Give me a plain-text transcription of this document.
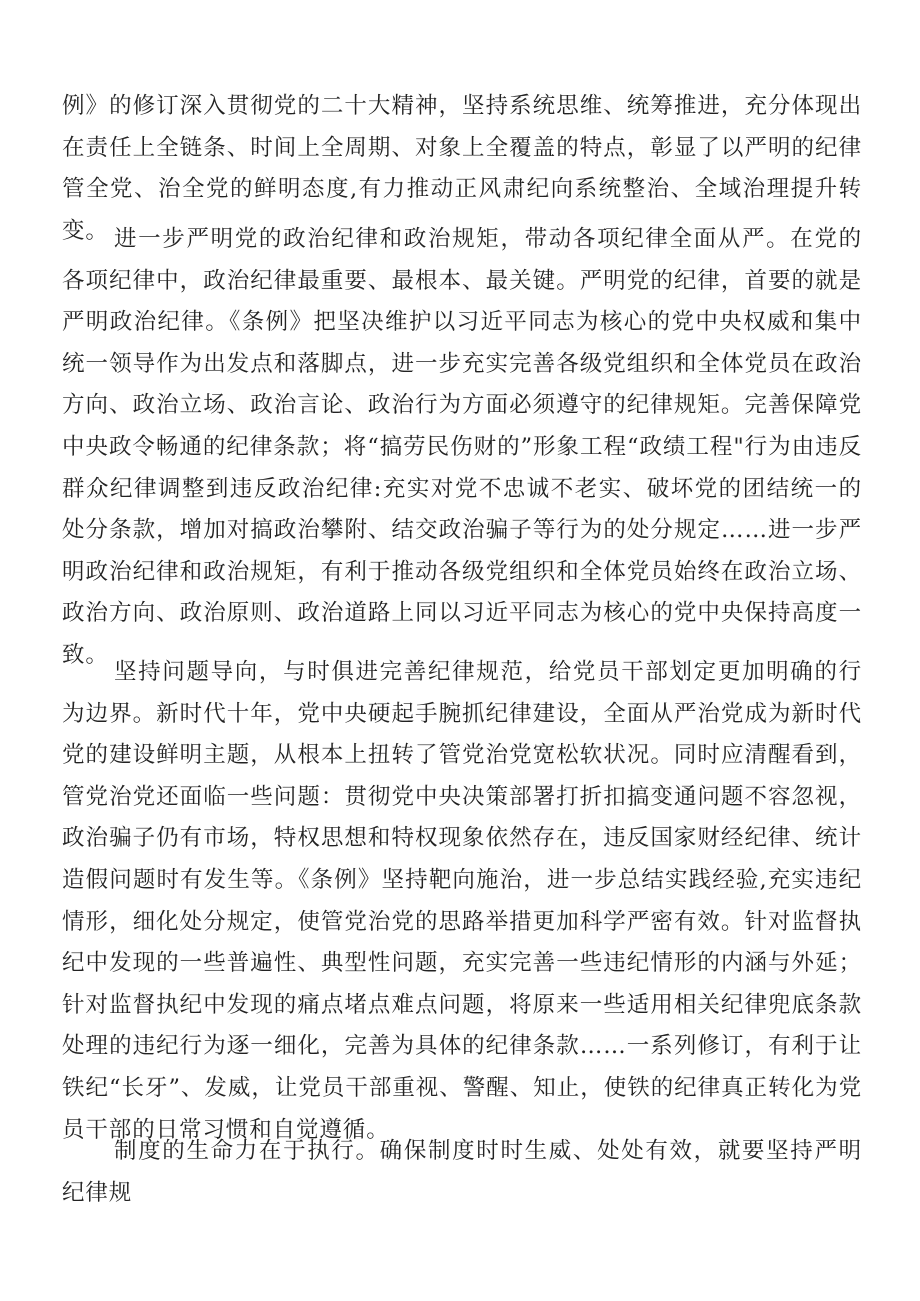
例》的修订深入贯彻党的二十大精神，坚持系统思维、统筹推进，充分体现出在责任上全链条、时间上全周期、对象上全覆盖的特点，彰显了以严明的纪律管全党、治全党的鲜明态度,有力推动正风肃纪向系统整治、全域治理提升转变。 进一步严明党的政治纪律和政治规矩，带动各项纪律全面从严。在党的各项纪律中，政治纪律最重要、最根本、最关键。严明党的纪律，首要的就是严明政治纪律。《条例》把坚决维护以习近平同志为核心的党中央权威和集中统一领导作为出发点和落脚点，进一步充实完善各级党组织和全体党员在政治方向、政治立场、政治言论、政治行为方面必须遵守的纪律规矩。完善保障党中央政令畅通的纪律条款；将“搞劳民伤财的”形象工程“政绩工程"行为由违反群众纪律调整到违反政治纪律:充实对党不忠诚不老实、破坏党的团结统一的处分条款，增加对搞政治攀附、结交政治骗子等行为的处分规定……进一步严明政治纪律和政治规矩，有利于推动各级党组织和全体党员始终在政治立场、政治方向、政治原则、政治道路上同以习近平同志为核心的党中央保持高度一致。

坚持问题导向，与时俱进完善纪律规范，给党员干部划定更加明确的行为边界。新时代十年，党中央硬起手腕抓纪律建设，全面从严治党成为新时代党的建设鲜明主题，从根本上扭转了管党治党宽松软状况。同时应清醒看到，管党治党还面临一些问题：贯彻党中央决策部署打折扣搞变通问题不容忽视，政治骗子仍有市场，特权思想和特权现象依然存在，违反国家财经纪律、统计造假问题时有发生等。《条例》坚持靶向施治，进一步总结实践经验,充实违纪情形，细化处分规定，使管党治党的思路举措更加科学严密有效。针对监督执纪中发现的一些普遍性、典型性问题，充实完善一些违纪情形的内涵与外延；针对监督执纪中发现的痛点堵点难点问题，将原来一些适用相关纪律兜底条款处理的违纪行为逐一细化，完善为具体的纪律条款……一系列修订，有利于让铁纪“长牙”、发威，让党员干部重视、警醒、知止，使铁的纪律真正转化为党员干部的日常习惯和自觉遵循。

制度的生命力在于执行。确保制度时时生威、处处有效，就要坚持严明纪律规
